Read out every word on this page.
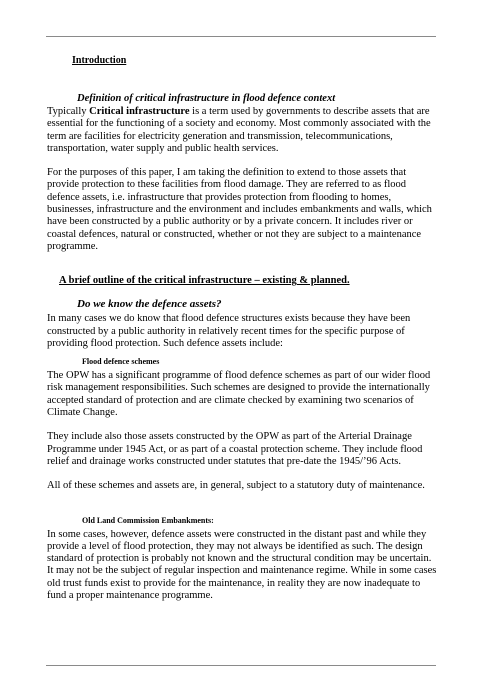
Introduction
Definition of critical infrastructure in flood defence context

Typically Critical infrastructure is a term used by governments to describe assets that are essential for the functioning of a society and economy. Most commonly associated with the term are facilities for electricity generation and transmission, telecommunications, transportation, water supply and public health services.

For the purposes of this paper, I am taking the definition to extend to those assets that provide protection to these facilities from flood damage. They are referred to as flood defence assets, i.e. infrastructure that provides protection from flooding to homes, businesses, infrastructure and the environment and includes embankments and walls, which have been constructed by a public authority or by a private concern. It includes river or coastal defences, natural or constructed, whether or not they are subject to a maintenance programme.

A brief outline of the critical infrastructure – existing & planned.
Do we know the defence assets?

In many cases we do know that flood defence structures exists because they have been constructed by a public authority in relatively recent times for the specific purpose of providing flood protection. Such defence assets include:

Flood defence schemes

The OPW has a significant programme of flood defence schemes as part of our wider flood risk management responsibilities. Such schemes are designed to provide the internationally accepted standard of protection and are climate checked by examining two scenarios of Climate Change.

They include also those assets constructed by the OPW as part of the Arterial Drainage Programme under 1945 Act, or as part of a coastal protection scheme. They include flood relief and drainage works constructed under statutes that pre-date the 1945/’96 Acts.

All of these schemes and assets are, in general, subject to a statutory duty of maintenance.

Old Land Commission Embankments:

In some cases, however, defence assets were constructed in the distant past and while they provide a level of flood protection, they may not always be identified as such. The design standard of protection is probably not known and the structural condition may be uncertain. It may not be the subject of regular inspection and maintenance regime. While in some cases old trust funds exist to provide for the maintenance, in reality they are now inadequate to fund a proper maintenance programme.
